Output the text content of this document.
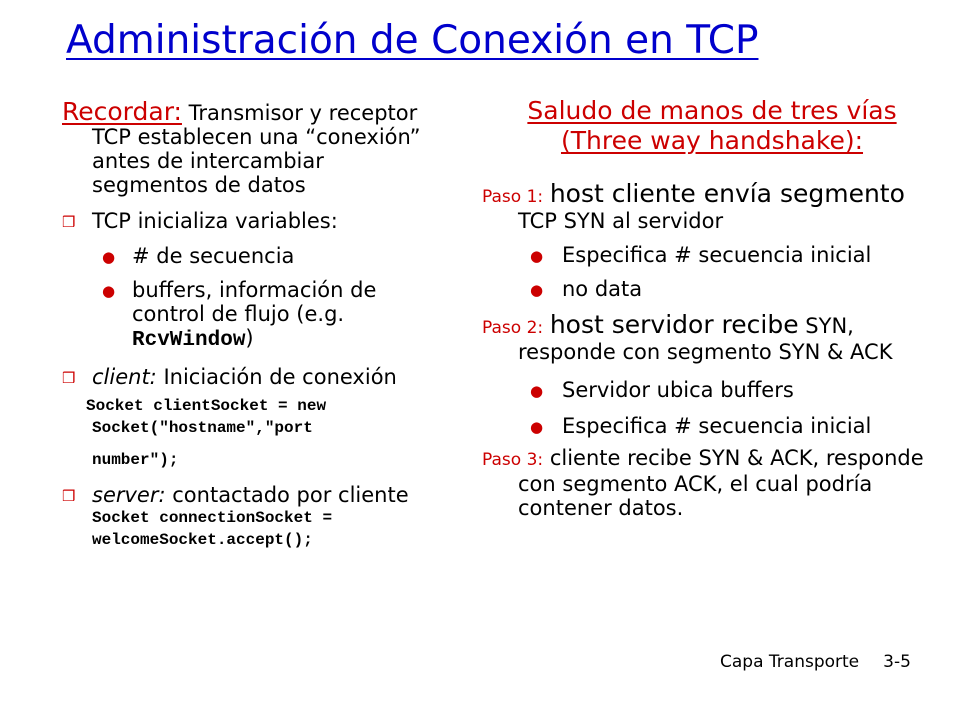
Administración de Conexión en TCP
Recordar: Transmisor y receptor TCP establecen una “conexión” antes de intercambiar segmentos de datos
❒ TCP inicializa variables:
● # de secuencia
● buffers, información de control de flujo (e.g. RcvWindow)
❒ client: Iniciación de conexión
Socket clientSocket = new
Socket("hostname","port
number");
❒ server: contactado por cliente
Socket connectionSocket =
welcomeSocket.accept();
Saludo de manos de tres vías
(Three way handshake):
Paso 1: host cliente envía segmento TCP SYN al servidor
● Especifica # secuencia inicial
● no data
Paso 2: host servidor recibe SYN, responde con segmento SYN & ACK
● Servidor ubica buffers
● Especifica # secuencia inicial
Paso 3: cliente recibe SYN & ACK, responde con segmento ACK, el cual podría contener datos.
Capa Transporte 3-5
